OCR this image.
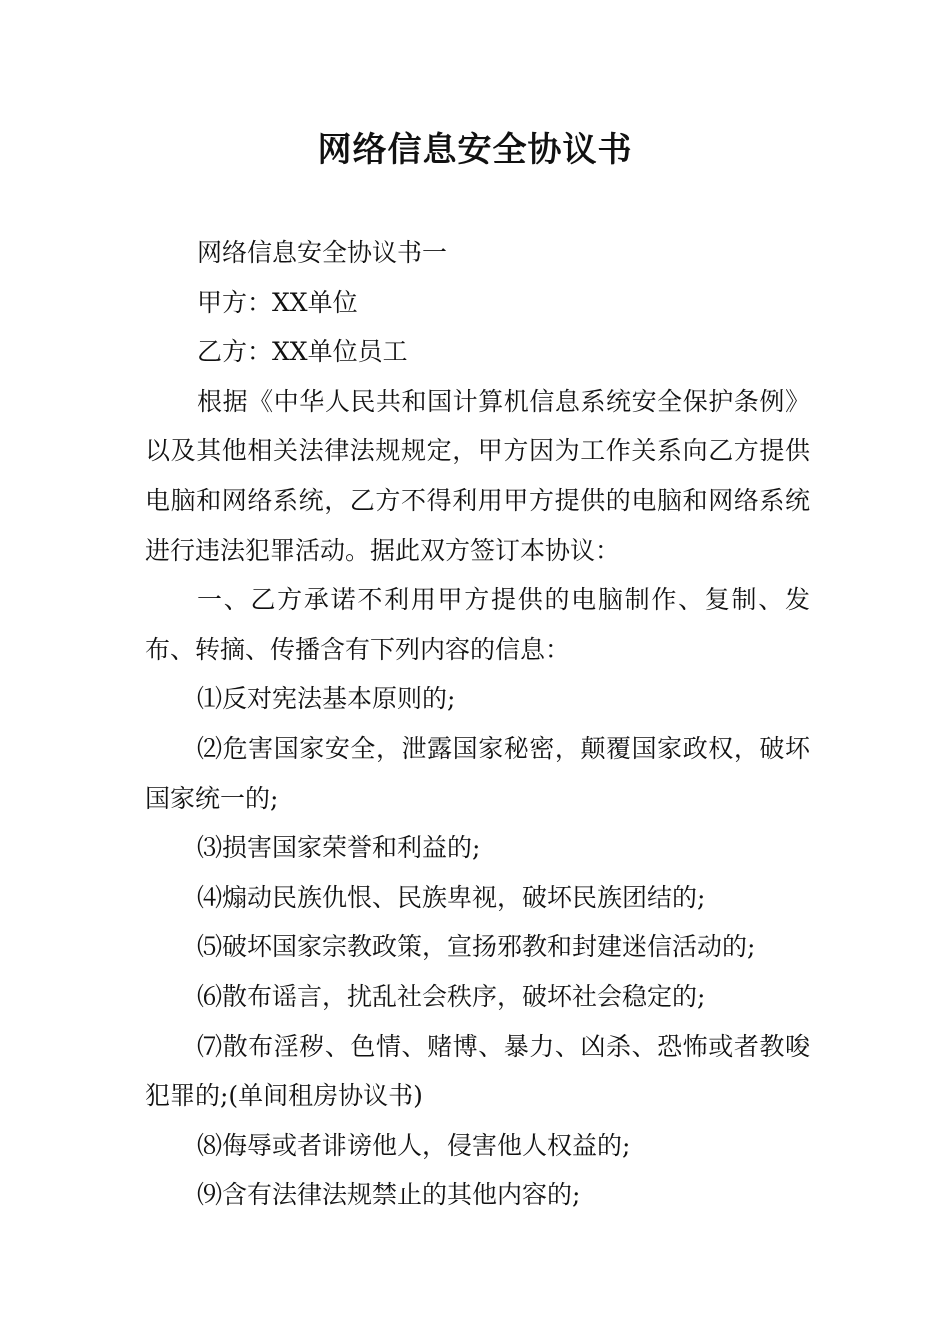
网络信息安全协议书

网络信息安全协议书一

甲方：XX单位

乙方：XX单位员工

根据《中华人民共和国计算机信息系统安全保护条例》以及其他相关法律法规规定，甲方因为工作关系向乙方提供电脑和网络系统，乙方不得利用甲方提供的电脑和网络系统进行违法犯罪活动。据此双方签订本协议：

一、乙方承诺不利用甲方提供的电脑制作、复制、发布、转摘、传播含有下列内容的信息：

⑴反对宪法基本原则的;

⑵危害国家安全，泄露国家秘密，颠覆国家政权，破坏国家统一的;

⑶损害国家荣誉和利益的;

⑷煽动民族仇恨、民族卑视，破坏民族团结的;

⑸破坏国家宗教政策，宣扬邪教和封建迷信活动的;

⑹散布谣言，扰乱社会秩序，破坏社会稳定的;

⑺散布淫秽、色情、赌博、暴力、凶杀、恐怖或者教唆犯罪的;(单间租房协议书)

⑻侮辱或者诽谤他人，侵害他人权益的;

⑼含有法律法规禁止的其他内容的;
